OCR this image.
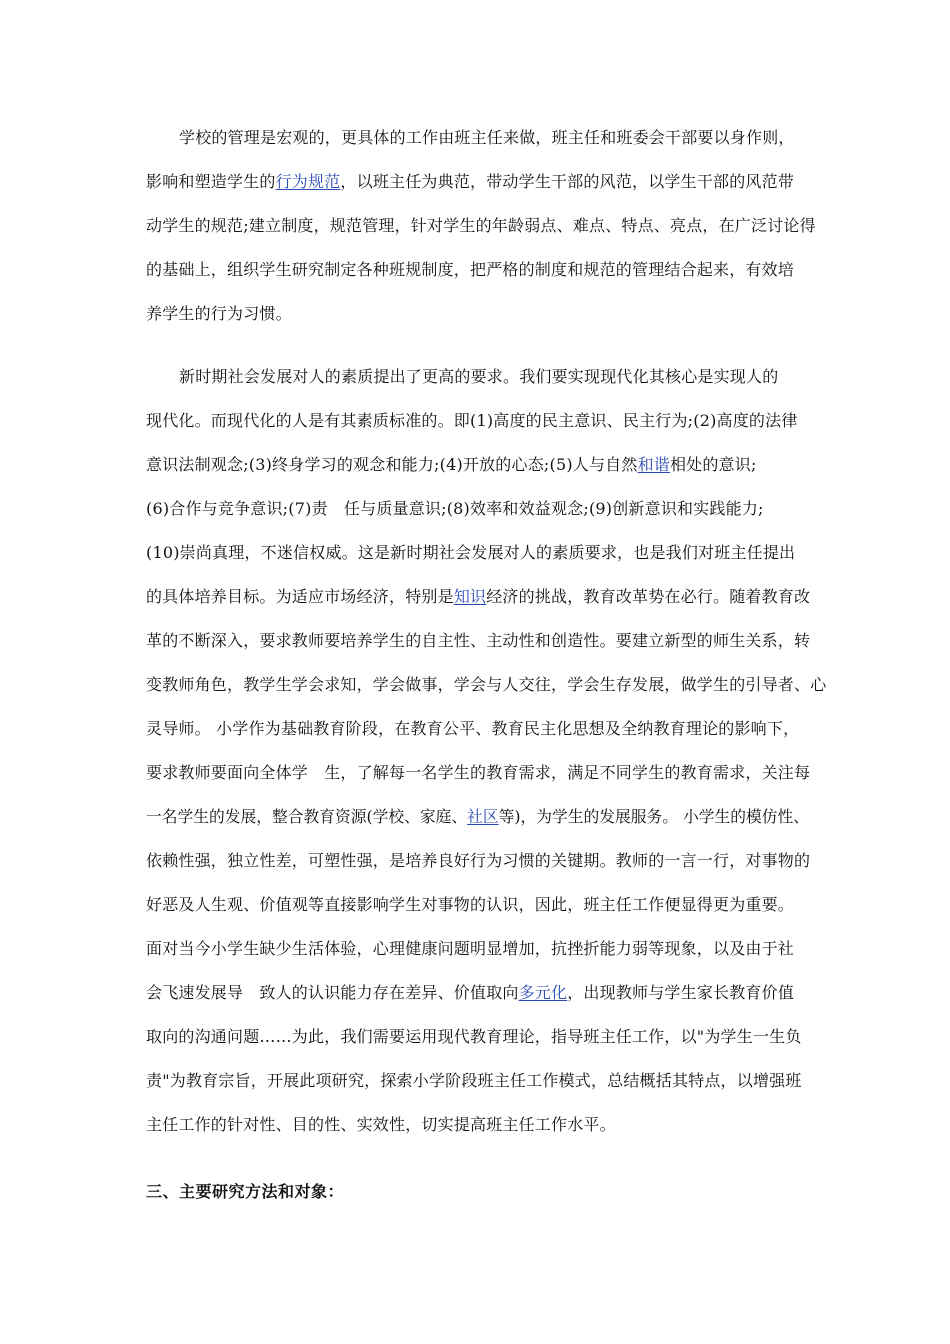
学校的管理是宏观的，更具体的工作由班主任来做，班主任和班委会干部要以身作则，
影响和塑造学生的行为规范，以班主任为典范，带动学生干部的风范，以学生干部的风范带
动学生的规范;建立制度，规范管理，针对学生的年龄弱点、难点、特点、亮点，在广泛讨论得
的基础上，组织学生研究制定各种班规制度，把严格的制度和规范的管理结合起来，有效培
养学生的行为习惯。
新时期社会发展对人的素质提出了更高的要求。我们要实现现代化其核心是实现人的
现代化。而现代化的人是有其素质标准的。即(1)高度的民主意识、民主行为;(2)高度的法律
意识法制观念;(3)终身学习的观念和能力;(4)开放的心态;(5)人与自然和谐相处的意识;
(6)合作与竞争意识;(7)责　任与质量意识;(8)效率和效益观念;(9)创新意识和实践能力;
(10)崇尚真理，不迷信权威。这是新时期社会发展对人的素质要求，也是我们对班主任提出
的具体培养目标。为适应市场经济，特别是知识经济的挑战，教育改革势在必行。随着教育改
革的不断深入，要求教师要培养学生的自主性、主动性和创造性。要建立新型的师生关系，转
变教师角色，教学生学会求知，学会做事，学会与人交往，学会生存发展，做学生的引导者、心
灵导师。 小学作为基础教育阶段，在教育公平、教育民主化思想及全纳教育理论的影响下，
要求教师要面向全体学　生，了解每一名学生的教育需求，满足不同学生的教育需求，关注每
一名学生的发展，整合教育资源(学校、家庭、社区等)，为学生的发展服务。 小学生的模仿性、
依赖性强，独立性差，可塑性强，是培养良好行为习惯的关键期。教师的一言一行，对事物的
好恶及人生观、价值观等直接影响学生对事物的认识，因此，班主任工作便显得更为重要。
面对当今小学生缺少生活体验，心理健康问题明显增加，抗挫折能力弱等现象，以及由于社
会飞速发展导　致人的认识能力存在差异、价值取向多元化，出现教师与学生家长教育价值
取向的沟通问题……为此，我们需要运用现代教育理论，指导班主任工作，以"为学生一生负
责"为教育宗旨，开展此项研究，探索小学阶段班主任工作模式，总结概括其特点，以增强班
主任工作的针对性、目的性、实效性，切实提高班主任工作水平。
三、主要研究方法和对象：
